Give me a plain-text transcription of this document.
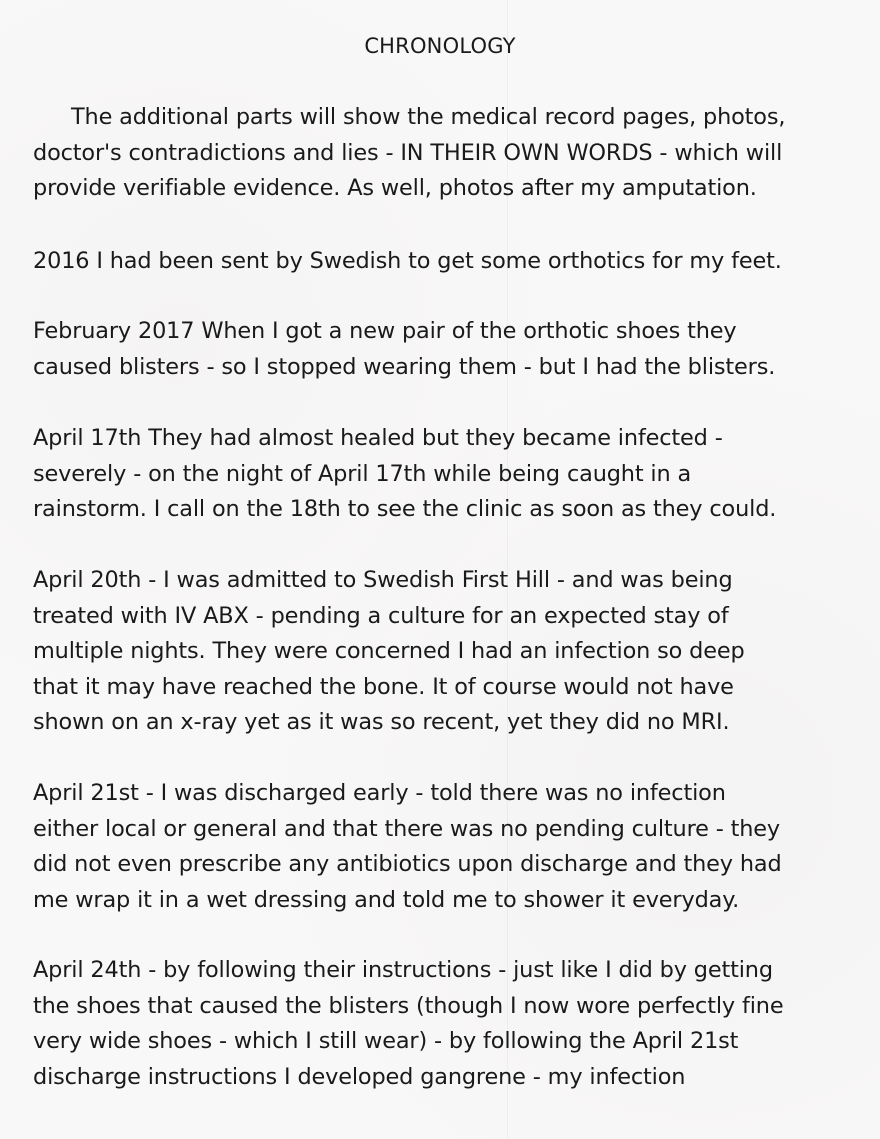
CHRONOLOGY
The additional parts will show the medical record pages, photos,
doctor's contradictions and lies - IN THEIR OWN WORDS - which will
provide verifiable evidence. As well, photos after my amputation.
2016 I had been sent by Swedish to get some orthotics for my feet.
February 2017 When I got a new pair of the orthotic shoes they
caused blisters - so I stopped wearing them - but I had the blisters.
April 17th They had almost healed but they became infected -
severely - on the night of April 17th while being caught in a
rainstorm. I call on the 18th to see the clinic as soon as they could.
April 20th - I was admitted to Swedish First Hill - and was being
treated with IV ABX - pending a culture for an expected stay of
multiple nights. They were concerned I had an infection so deep
that it may have reached the bone. It of course would not have
shown on an x-ray yet as it was so recent, yet they did no MRI.
April 21st - I was discharged early - told there was no infection
either local or general and that there was no pending culture - they
did not even prescribe any antibiotics upon discharge and they had
me wrap it in a wet dressing and told me to shower it everyday.
April 24th - by following their instructions - just like I did by getting
the shoes that caused the blisters (though I now wore perfectly fine
very wide shoes - which I still wear) - by following the April 21st
discharge instructions I developed gangrene - my infection
